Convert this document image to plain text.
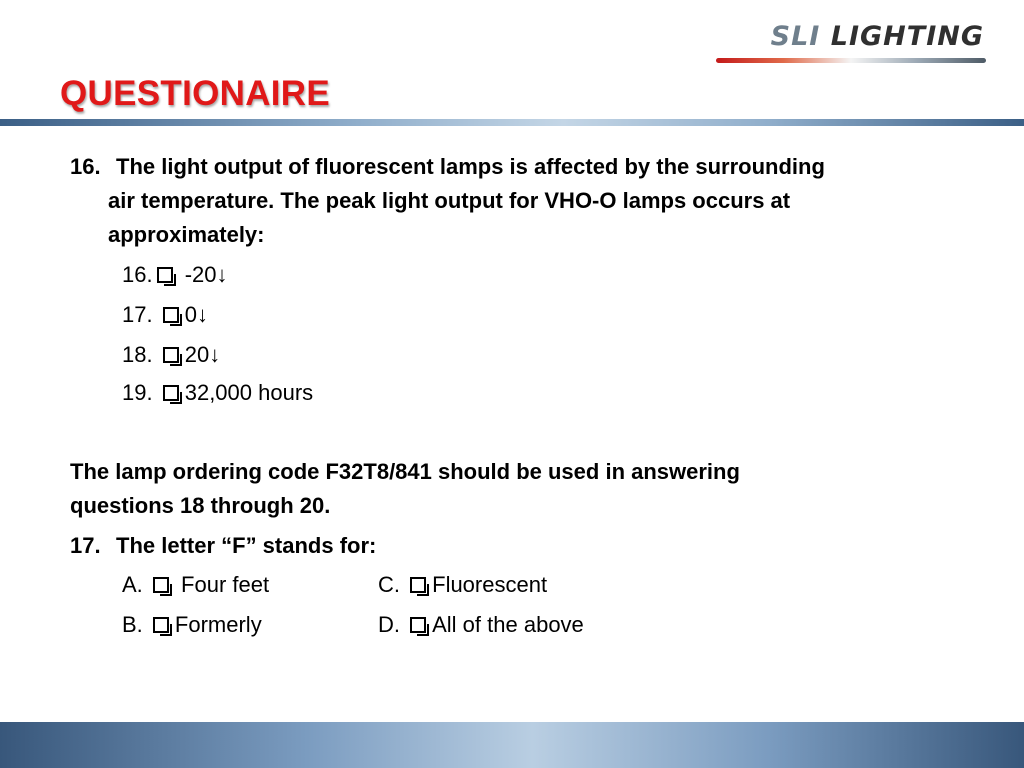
SLI LIGHTING
QUESTIONAIRE
16. The light output of fluorescent lamps is affected by the surrounding
air temperature. The peak light output for VHO-O lamps occurs at
approximately:
16. -20↓
17. 0↓
18. 20↓
19. 32,000 hours
The lamp ordering code F32T8/841 should be used in answering
questions 18 through 20.
17. The letter “F” stands for:
A. Four feet	C. Fluorescent
B. Formerly	D. All of the above
